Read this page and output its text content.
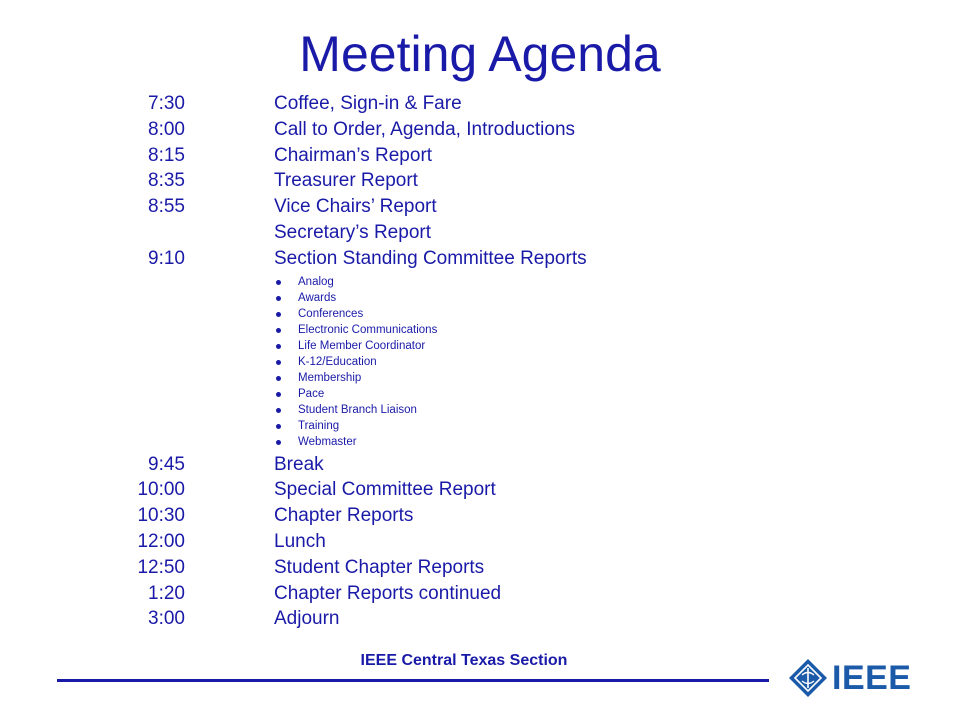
Meeting Agenda
7:30	Coffee, Sign-in & Fare
8:00	Call to Order, Agenda, Introductions
8:15	Chairman’s Report
8:35	Treasurer Report
8:55	Vice Chairs’ Report
Secretary’s Report
9:10	Section Standing Committee Reports
Analog
Awards
Conferences
Electronic Communications
Life Member Coordinator
K-12/Education
Membership
Pace
Student Branch Liaison
Training
Webmaster
9:45	Break
10:00	Special Committee Report
10:30	Chapter Reports
12:00	Lunch
12:50	Student Chapter Reports
1:20	Chapter Reports continued
3:00	Adjourn
IEEE Central Texas Section	IEEE
